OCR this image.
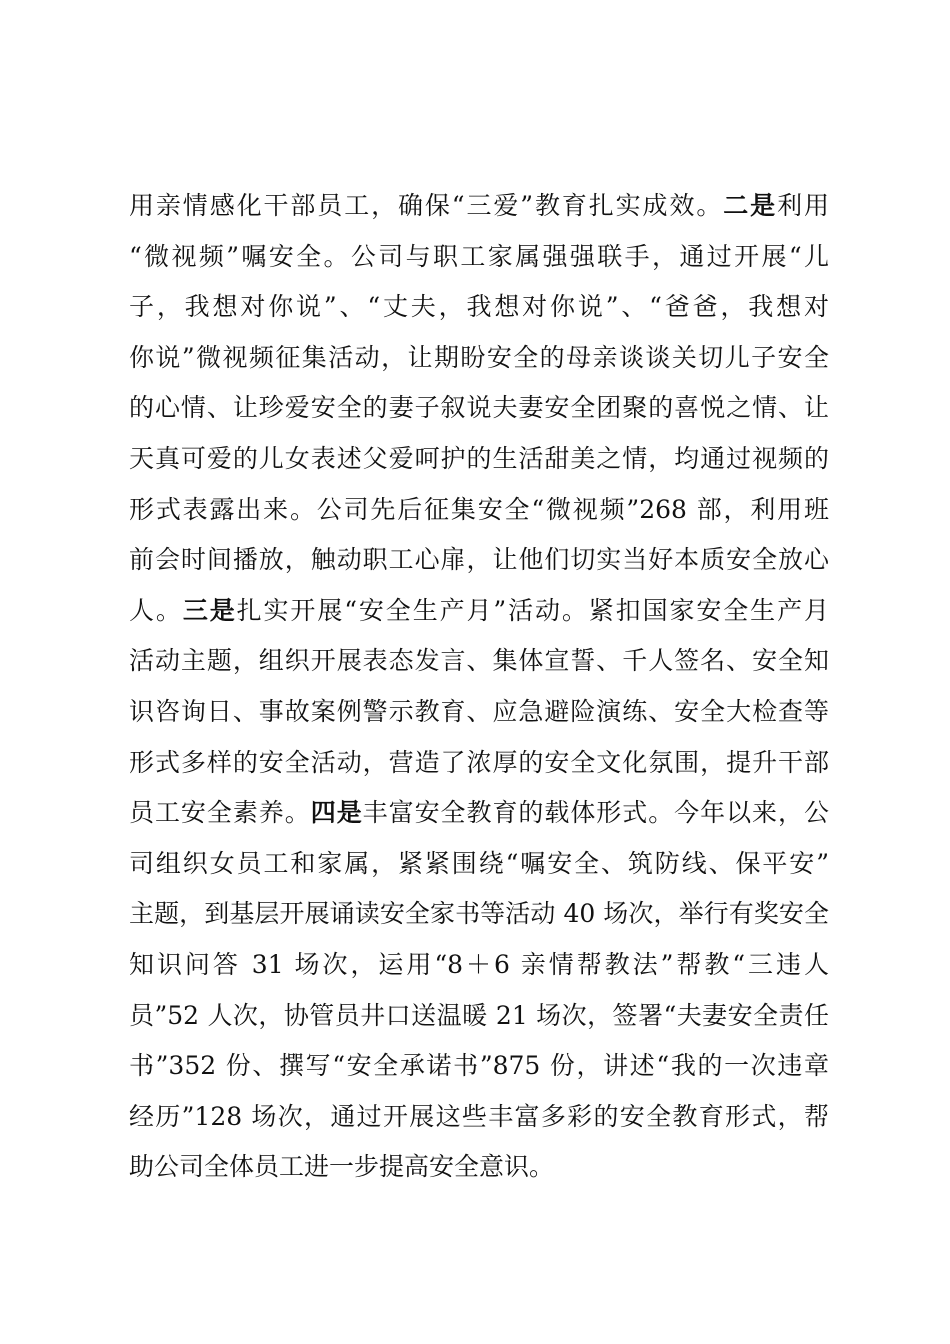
用亲情感化干部员工，确保“三爱”教育扎实成效。二是利用
“微视频”嘱安全。公司与职工家属强强联手，通过开展“儿
子，我想对你说”、“丈夫，我想对你说”、“爸爸，我想对
你说”微视频征集活动，让期盼安全的母亲谈谈关切儿子安全
的心情、让珍爱安全的妻子叙说夫妻安全团聚的喜悦之情、让
天真可爱的儿女表述父爱呵护的生活甜美之情，均通过视频的
形式表露出来。公司先后征集安全“微视频”268 部，利用班
前会时间播放，触动职工心扉，让他们切实当好本质安全放心
人。三是扎实开展“安全生产月”活动。紧扣国家安全生产月
活动主题，组织开展表态发言、集体宣誓、千人签名、安全知
识咨询日、事故案例警示教育、应急避险演练、安全大检查等
形式多样的安全活动，营造了浓厚的安全文化氛围，提升干部
员工安全素养。四是丰富安全教育的载体形式。今年以来，公
司组织女员工和家属，紧紧围绕“嘱安全、筑防线、保平安”
主题，到基层开展诵读安全家书等活动 40 场次，举行有奖安全
知识问答 31 场次，运用“8＋6 亲情帮教法”帮教“三违人
员”52 人次，协管员井口送温暖 21 场次，签署“夫妻安全责任
书”352 份、撰写“安全承诺书”875 份，讲述“我的一次违章
经历”128 场次，通过开展这些丰富多彩的安全教育形式，帮
助公司全体员工进一步提高安全意识。
